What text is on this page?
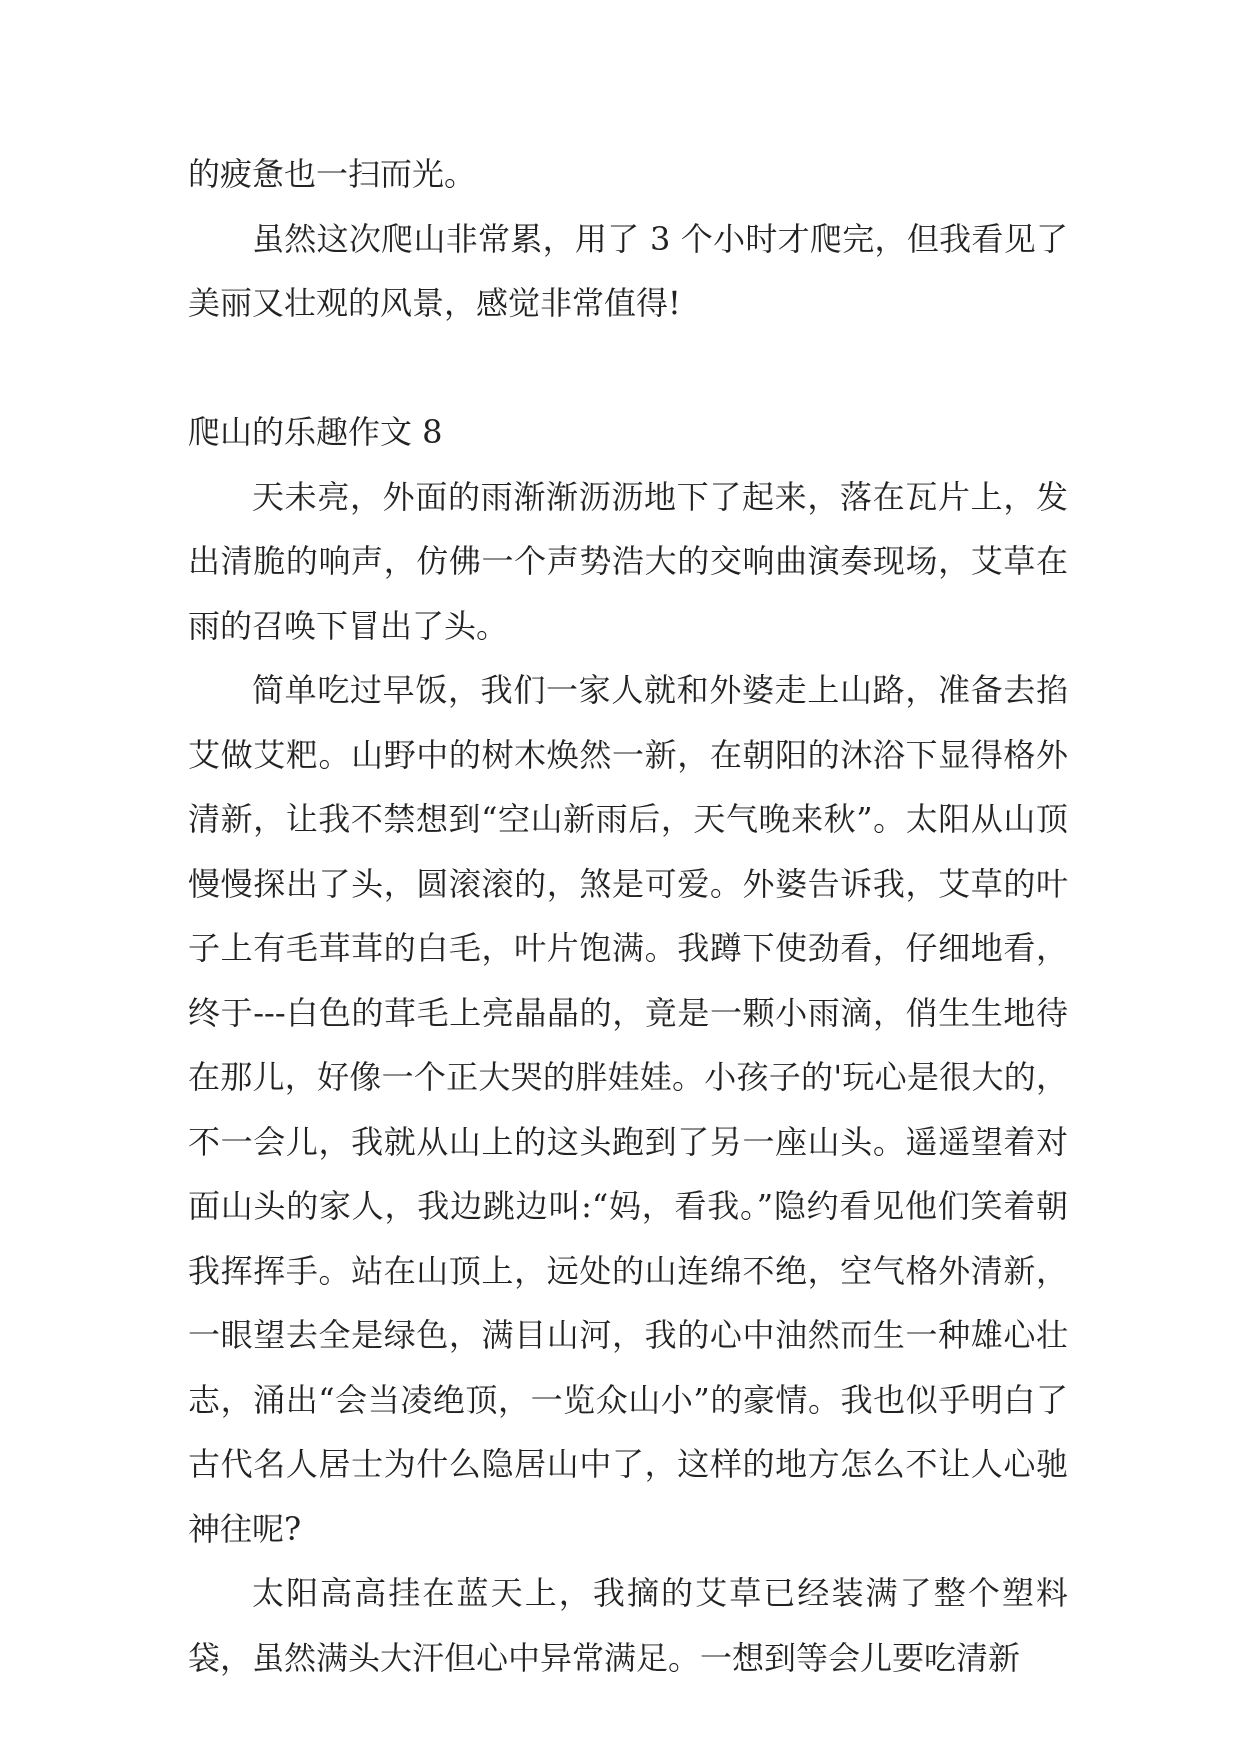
的疲惫也一扫而光。

虽然这次爬山非常累，用了 3 个小时才爬完，但我看见了美丽又壮观的风景，感觉非常值得!

爬山的乐趣作文 8

天未亮，外面的雨渐渐沥沥地下了起来，落在瓦片上，发出清脆的响声，仿佛一个声势浩大的交响曲演奏现场，艾草在雨的召唤下冒出了头。

简单吃过早饭，我们一家人就和外婆走上山路，准备去掐艾做艾粑。山野中的树木焕然一新，在朝阳的沐浴下显得格外清新，让我不禁想到“空山新雨后，天气晚来秋”。太阳从山顶慢慢探出了头，圆滚滚的，煞是可爱。外婆告诉我，艾草的叶子上有毛茸茸的白毛，叶片饱满。我蹲下使劲看，仔细地看，终于---白色的茸毛上亮晶晶的，竟是一颗小雨滴，俏生生地待在那儿，好像一个正大哭的胖娃娃。小孩子的'玩心是很大的，不一会儿，我就从山上的这头跑到了另一座山头。遥遥望着对面山头的家人，我边跳边叫:“妈，看我。”隐约看见他们笑着朝我挥挥手。站在山顶上，远处的山连绵不绝，空气格外清新，一眼望去全是绿色，满目山河，我的心中油然而生一种雄心壮志，涌出“会当凌绝顶，一览众山小”的豪情。我也似乎明白了古代名人居士为什么隐居山中了，这样的地方怎么不让人心驰神往呢?

太阳高高挂在蓝天上，我摘的艾草已经装满了整个塑料袋，虽然满头大汗但心中异常满足。一想到等会儿要吃清新
